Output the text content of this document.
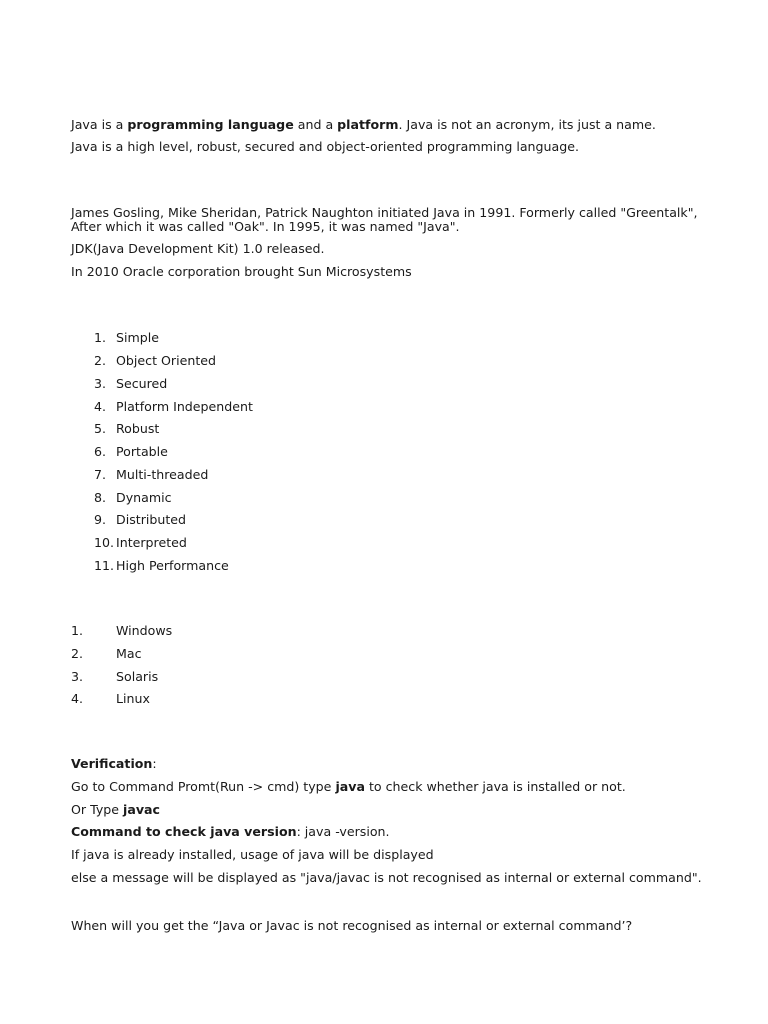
Java is a programming language and a platform. Java is not an acronym, its just a name.
Java is a high level, robust, secured and object-oriented programming language.
James Gosling, Mike Sheridan, Patrick Naughton initiated Java in 1991. Formerly called "Greentalk",
After which it was called "Oak". In 1995, it was named "Java".
JDK(Java Development Kit) 1.0 released.
In 2010 Oracle corporation brought Sun Microsystems
1. Simple
2. Object Oriented
3. Secured
4. Platform Independent
5. Robust
6. Portable
7. Multi-threaded
8. Dynamic
9. Distributed
10. Interpreted
11. High Performance
1.	Windows
2.	Mac
3.	Solaris
4.	Linux
Verification:
Go to Command Promt(Run -> cmd) type java to check whether java is installed or not.
Or Type javac
Command to check java version: java -version.
If java is already installed, usage of java will be displayed
else a message will be displayed as "java/javac is not recognised as internal or external command".
When will you get the “Java or Javac is not recognised as internal or external command’?
